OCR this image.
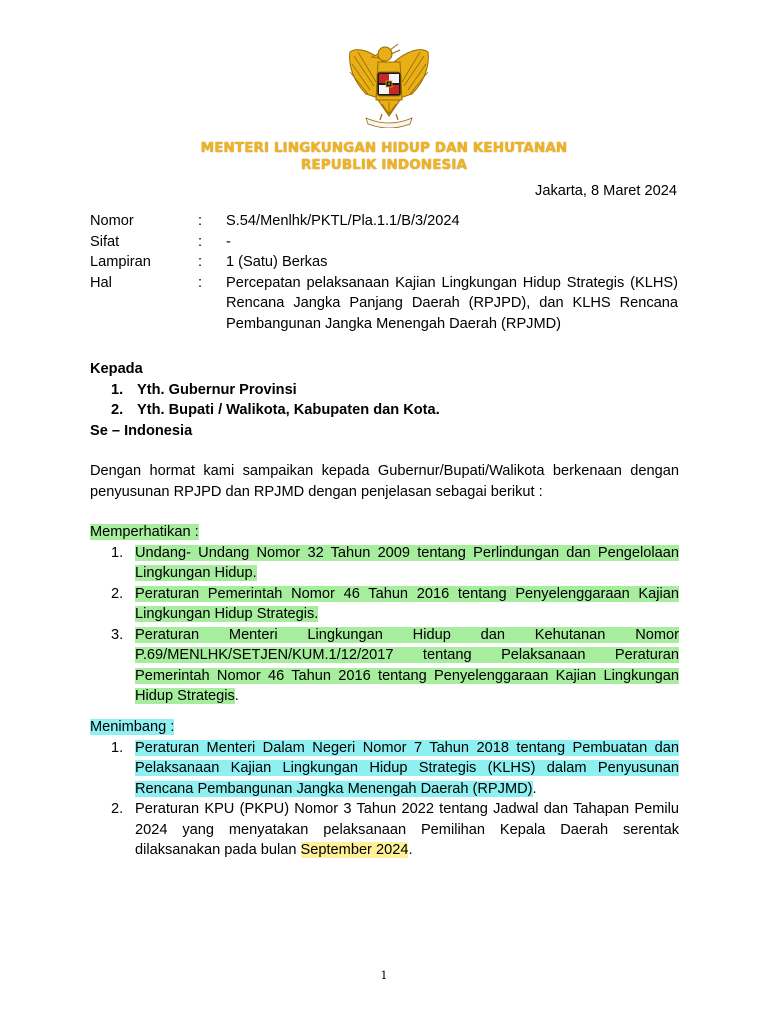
MENTERI LINGKUNGAN HIDUP DAN KEHUTANAN
REPUBLIK INDONESIA
Jakarta, 8 Maret 2024
Nomor	:	S.54/Menlhk/PKTL/Pla.1.1/B/3/2024
Sifat	:	-
Lampiran	:	1 (Satu) Berkas
Hal	:	Percepatan pelaksanaan Kajian Lingkungan Hidup Strategis (KLHS) Rencana Jangka Panjang Daerah (RPJPD), dan KLHS Rencana Pembangunan Jangka Menengah Daerah (RPJMD)
Kepada
1. Yth. Gubernur Provinsi
2. Yth. Bupati / Walikota, Kabupaten dan Kota.
Se – Indonesia
Dengan hormat kami sampaikan kepada Gubernur/Bupati/Walikota berkenaan dengan penyusunan RPJPD dan RPJMD dengan penjelasan sebagai berikut :
Memperhatikan :
1. Undang- Undang Nomor 32 Tahun 2009 tentang Perlindungan dan Pengelolaan Lingkungan Hidup.
2. Peraturan Pemerintah Nomor 46 Tahun 2016 tentang Penyelenggaraan Kajian Lingkungan Hidup Strategis.
3. Peraturan Menteri Lingkungan Hidup dan Kehutanan Nomor P.69/MENLHK/SETJEN/KUM.1/12/2017 tentang Pelaksanaan Peraturan Pemerintah Nomor 46 Tahun 2016 tentang Penyelenggaraan Kajian Lingkungan Hidup Strategis.
Menimbang :
1. Peraturan Menteri Dalam Negeri Nomor 7 Tahun 2018 tentang Pembuatan dan Pelaksanaan Kajian Lingkungan Hidup Strategis (KLHS) dalam Penyusunan Rencana Pembangunan Jangka Menengah Daerah (RPJMD).
2. Peraturan KPU (PKPU) Nomor 3 Tahun 2022 tentang Jadwal dan Tahapan Pemilu 2024 yang menyatakan pelaksanaan Pemilihan Kepala Daerah serentak dilaksanakan pada bulan September 2024.
1
